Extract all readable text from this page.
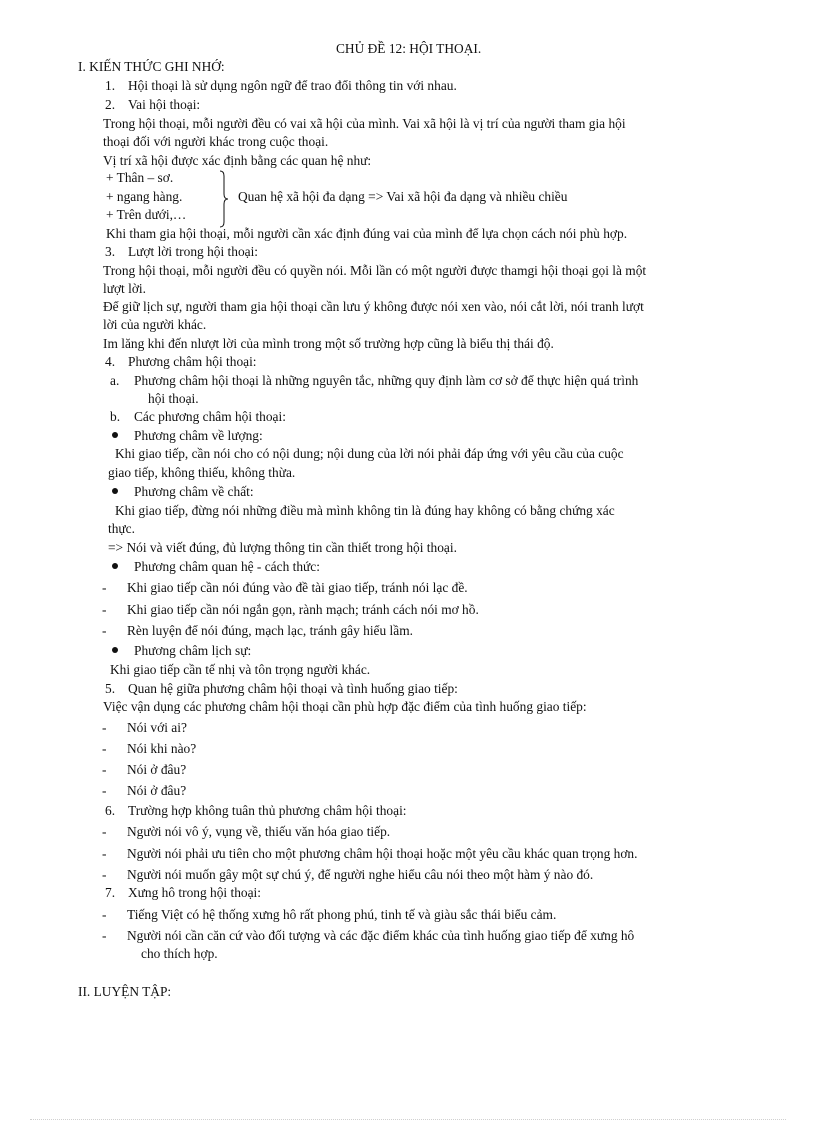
CHỦ ĐỀ 12: HỘI THOẠI.
I. KIẾN THỨC GHI NHỚ:
1. Hội thoại là sử dụng ngôn ngữ để trao đổi thông tin với nhau.
2. Vai hội thoại:
Trong hội thoại, mỗi người đều có vai xã hội của mình. Vai xã hội là vị trí của người tham gia hội
thoại đối với người khác trong cuộc thoại.
Vị trí xã hội được xác định bằng các quan hệ như:
+ Thân – sơ.
+ ngang hàng.
+ Trên dưới,…
Quan hệ xã hội đa dạng => Vai xã hội đa dạng và nhiều chiều
Khi tham gia hội thoại, mỗi người cần xác định đúng vai của mình để lựa chọn cách nói phù hợp.
3. Lượt lời trong hội thoại:
Trong hội thoại, mỗi người đều có quyền nói. Mỗi lần có một người được thamgi hội thoại gọi là một
lượt lời.
Để giữ lịch sự, người tham gia hội thoại cần lưu ý không được nói xen vào, nói cắt lời, nói tranh lượt
lời của người khác.
Im lăng khi đến nlượt lời của mình trong một số trường hợp cũng là biểu thị thái độ.
4. Phương châm hội thoại:
a. Phương châm hội thoại là những nguyên tắc, những quy định làm cơ sở để thực hiện quá trình
hội thoại.
b. Các phương châm hội thoại:
Phương châm về lượng:
Khi giao tiếp, cần nói cho có nội dung; nội dung của lời nói phải đáp ứng với yêu cầu của cuộc
giao tiếp, không thiếu, không thừa.
Phương châm về chất:
Khi giao tiếp, đừng nói những điều mà mình không tin là đúng hay không có bằng chứng xác
thực.
=> Nói và viết đúng, đủ lượng thông tin cần thiết trong hội thoại.
Phương châm quan hệ - cách thức:
- Khi giao tiếp cần nói đúng vào đề tài giao tiếp, tránh nói lạc đề.
- Khi giao tiếp cần nói ngắn gọn, rành mạch; tránh cách nói mơ hồ.
- Rèn luyện để nói đúng, mạch lạc, tránh gây hiểu lầm.
Phương châm lịch sự:
Khi giao tiếp cần tế nhị và tôn trọng người khác.
5. Quan hệ giữa phương châm hội thoại và tình huống giao tiếp:
Việc vận dụng các phương châm hội thoại cần phù hợp đặc điểm của tình huống giao tiếp:
- Nói với ai?
- Nói khi nào?
- Nói ở đâu?
- Nói ở đâu?
6. Trường hợp không tuân thủ phương châm hội thoại:
- Người nói vô ý, vụng về, thiếu văn hóa giao tiếp.
- Người nói phải ưu tiên cho một phương châm hội thoại hoặc một yêu cầu khác quan trọng hơn.
- Người nói muốn gây một sự chú ý, để người nghe hiểu câu nói theo một hàm ý nào đó.
7. Xưng hô trong hội thoại:
- Tiếng Việt có hệ thống xưng hô rất phong phú, tinh tế và giàu sắc thái biểu cảm.
- Người nói cần căn cứ vào đối tượng và các đặc điểm khác của tình huống giao tiếp để xưng hô
cho thích hợp.
II. LUYỆN TẬP:
